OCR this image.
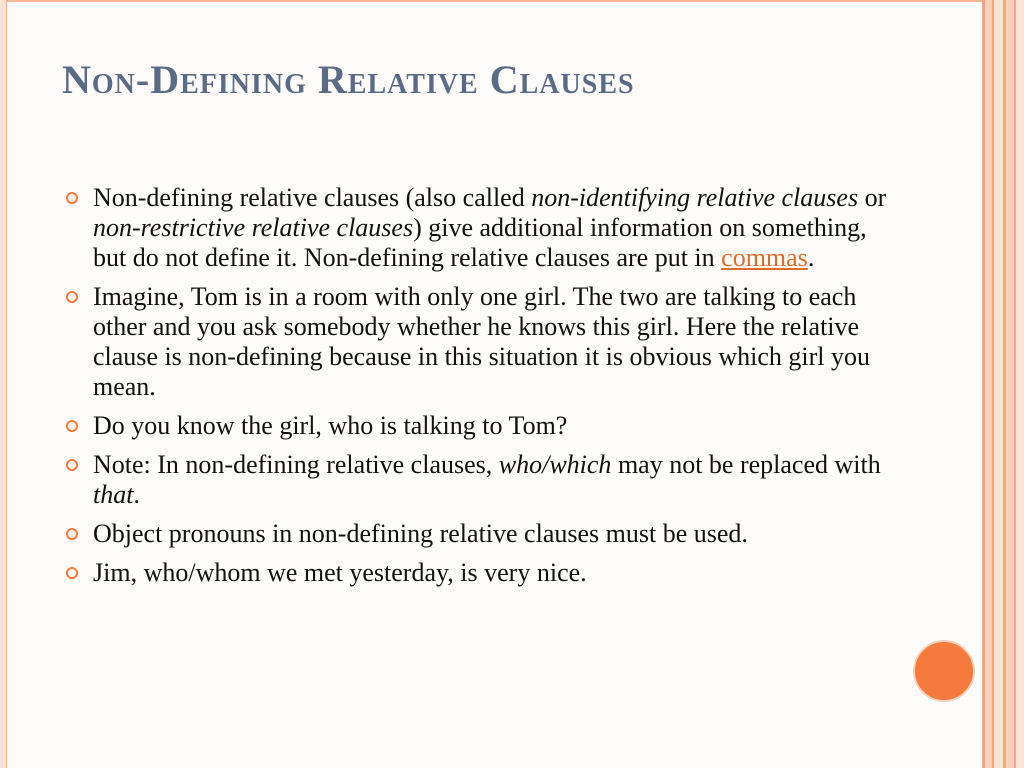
Non-Defining Relative Clauses
Non-defining relative clauses (also called non-identifying relative clauses or non-restrictive relative clauses) give additional information on something, but do not define it. Non-defining relative clauses are put in commas.
Imagine, Tom is in a room with only one girl. The two are talking to each other and you ask somebody whether he knows this girl. Here the relative clause is non-defining because in this situation it is obvious which girl you mean.
Do you know the girl, who is talking to Tom?
Note: In non-defining relative clauses, who/which may not be replaced with that.
Object pronouns in non-defining relative clauses must be used.
Jim, who/whom we met yesterday, is very nice.
